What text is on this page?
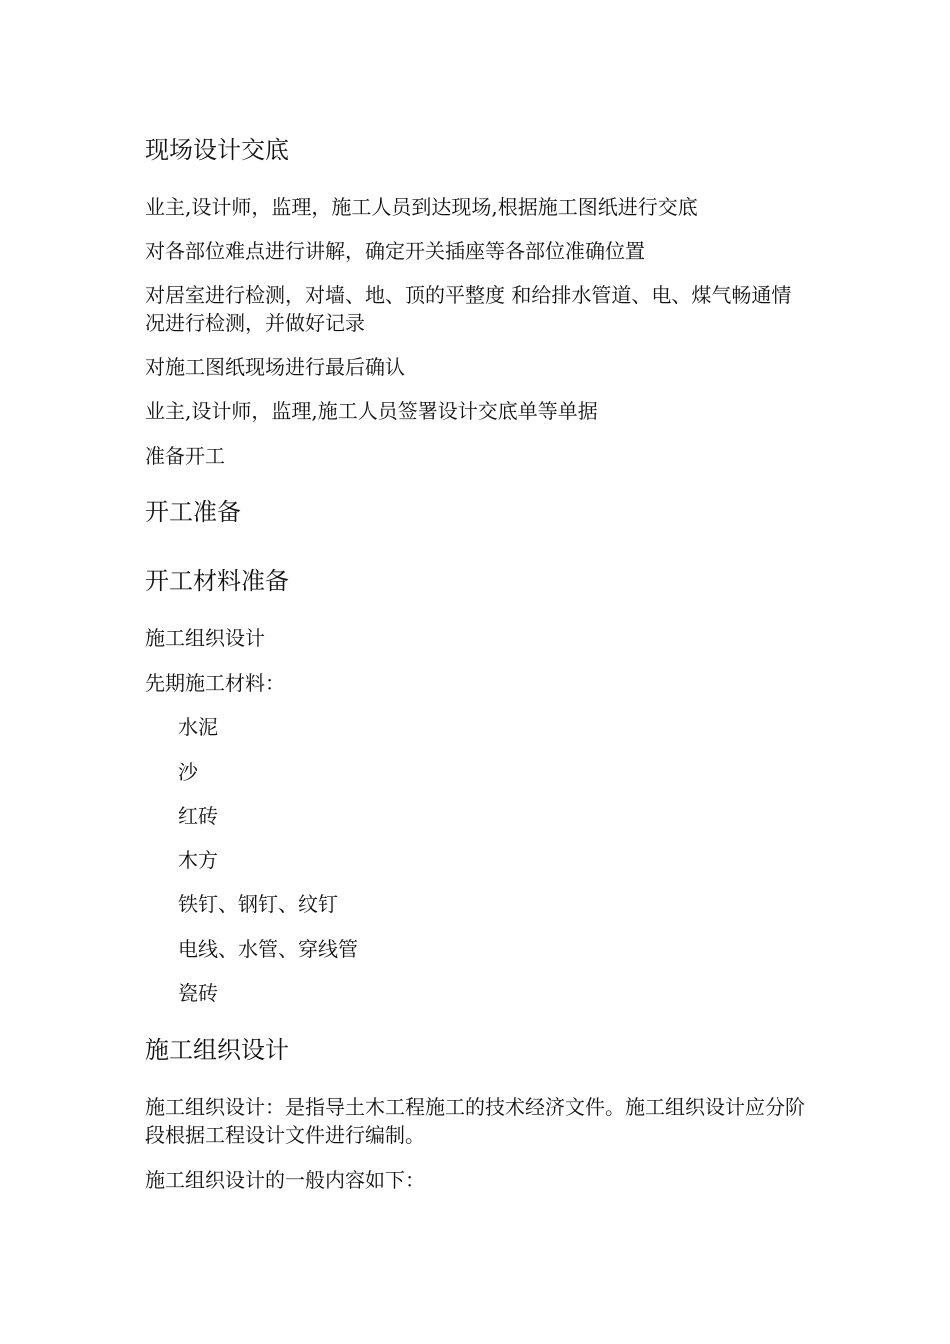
现场设计交底
业主,设计师，监理，施工人员到达现场,根据施工图纸进行交底
对各部位难点进行讲解，确定开关插座等各部位准确位置
对居室进行检测，对墙、地、顶的平整度 和给排水管道、电、煤气畅通情况进行检测，并做好记录
对施工图纸现场进行最后确认
业主,设计师，监理,施工人员签署设计交底单等单据
准备开工
开工准备
开工材料准备
施工组织设计
先期施工材料：
水泥
沙
红砖
木方
铁钉、钢钉、纹钉
电线、水管、穿线管
瓷砖
施工组织设计
施工组织设计：是指导土木工程施工的技术经济文件。施工组织设计应分阶段根据工程设计文件进行编制。
施工组织设计的一般内容如下：
